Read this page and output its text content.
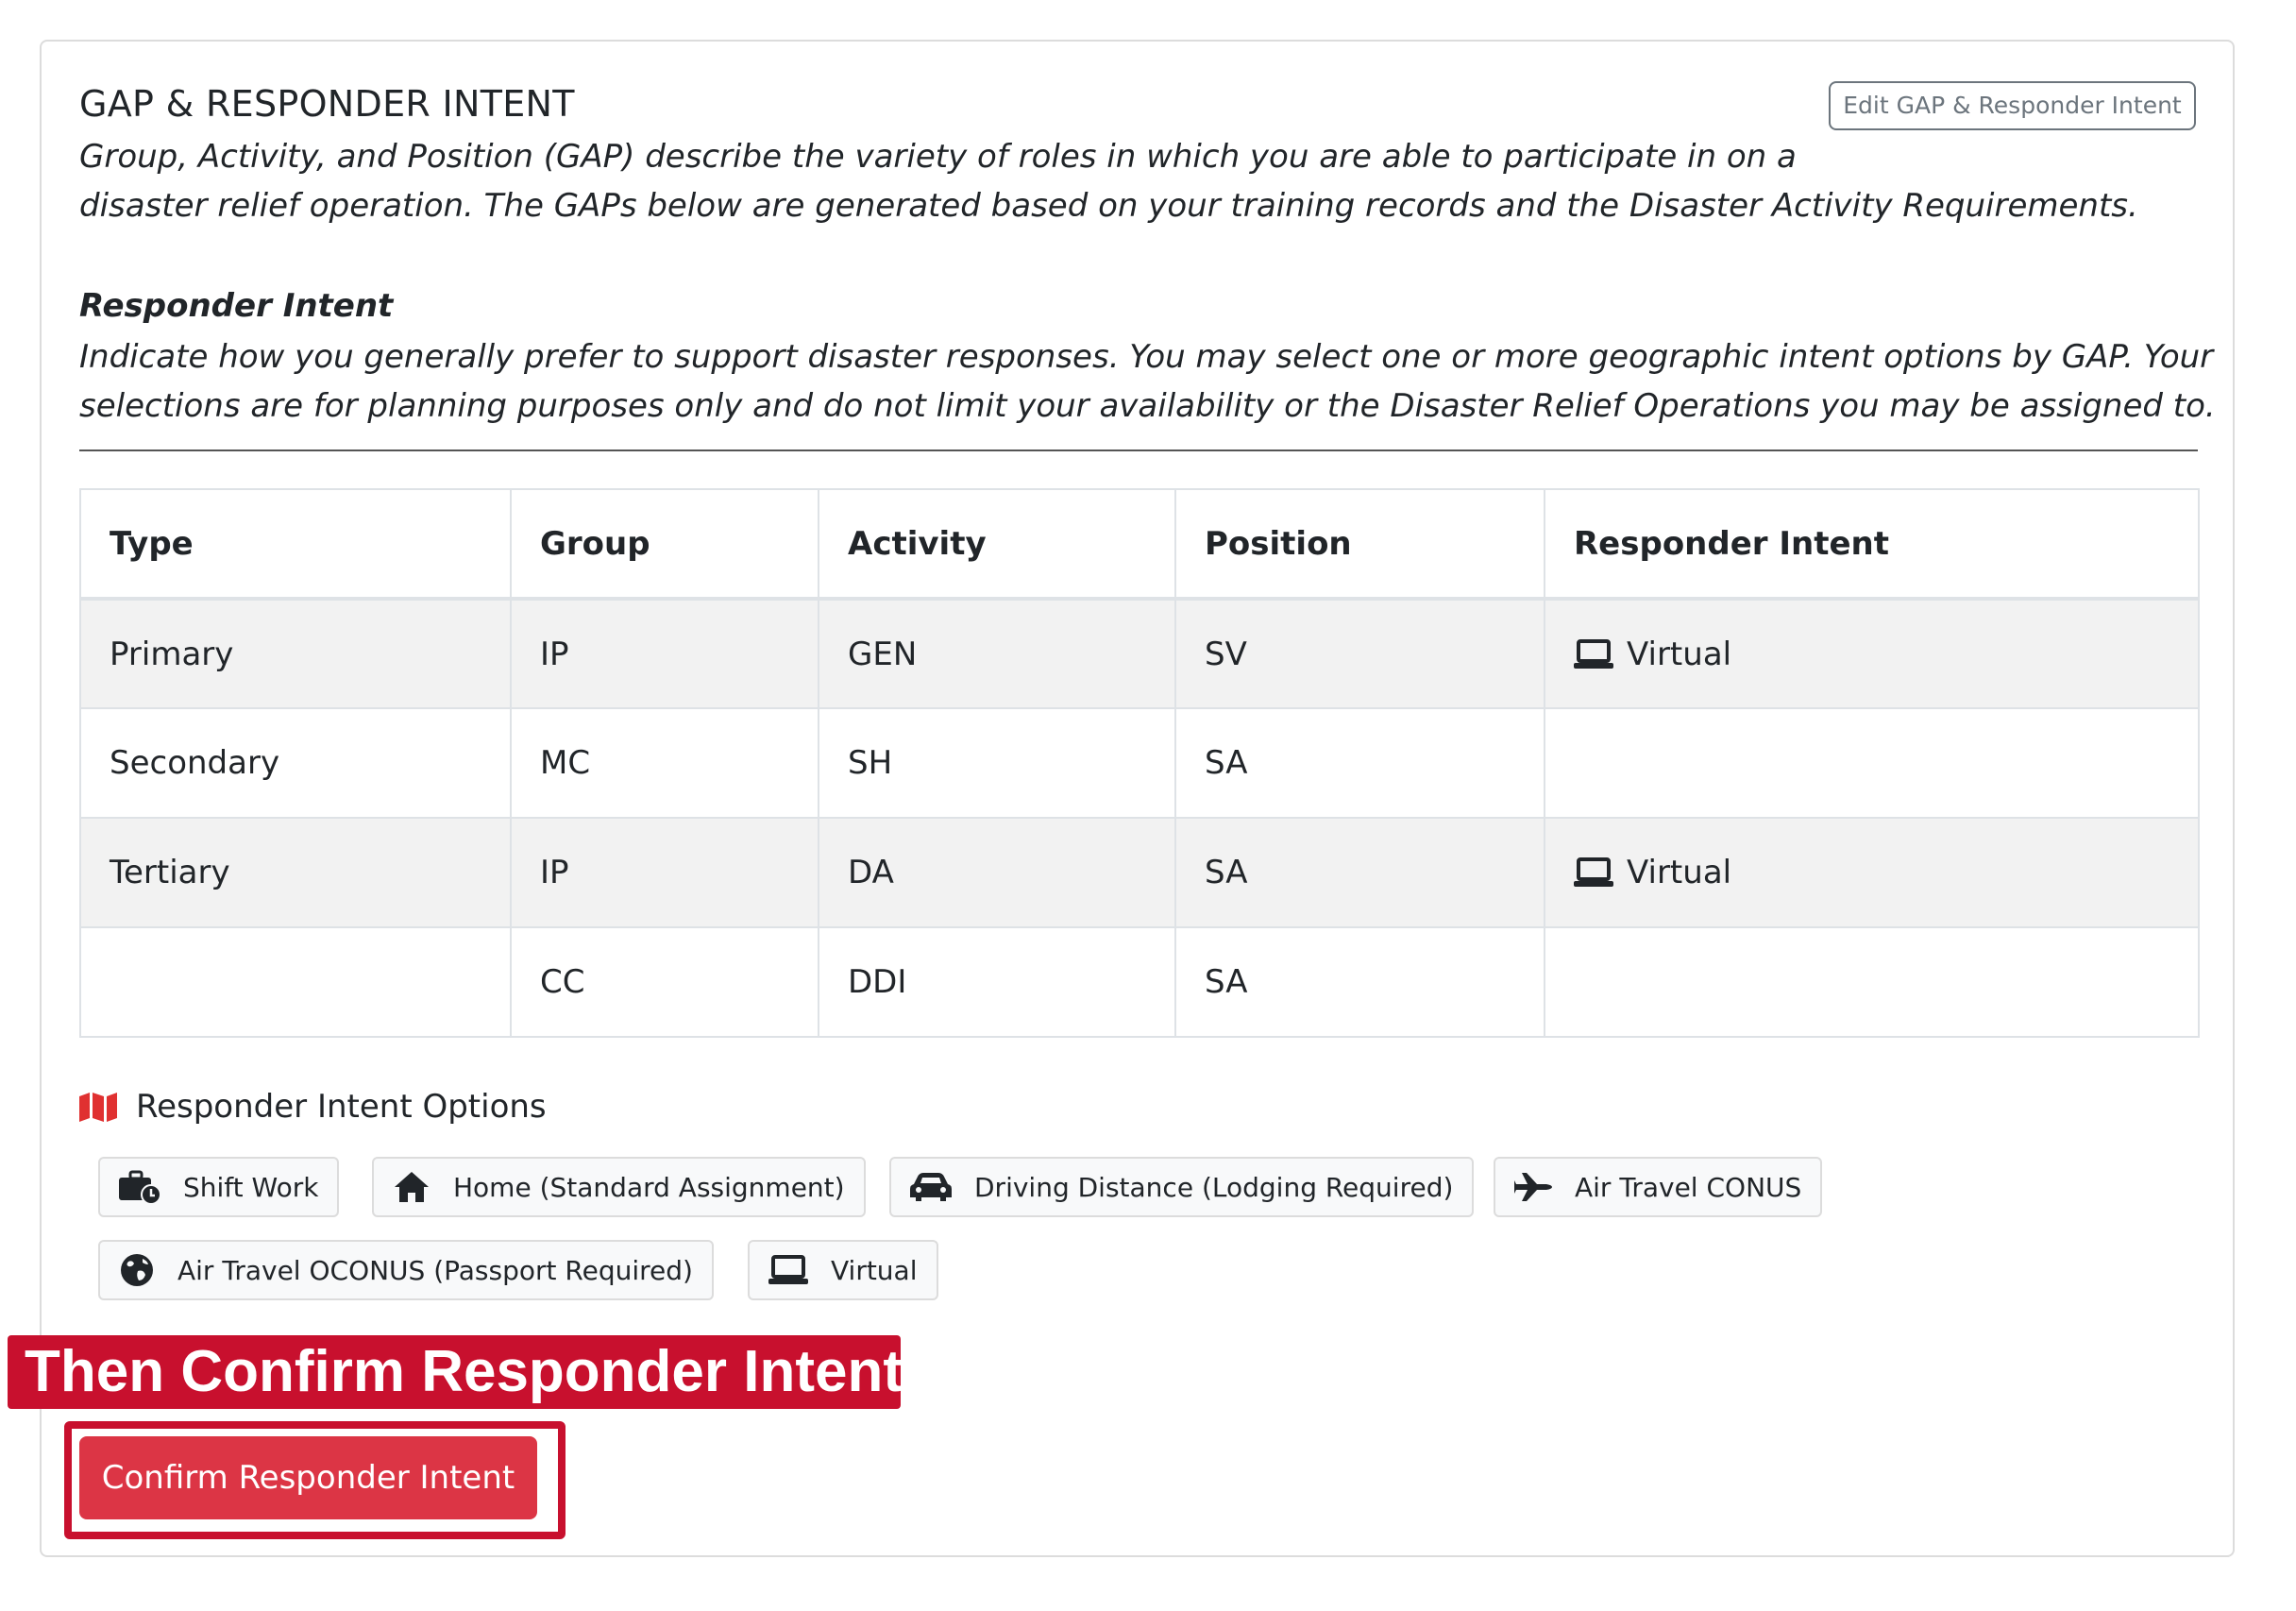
GAP & RESPONDER INTENT	Edit GAP & Responder Intent
Group, Activity, and Position (GAP) describe the variety of roles in which you are able to participate in on a
disaster relief operation. The GAPs below are generated based on your training records and the Disaster Activity Requirements.
Responder Intent
Indicate how you generally prefer to support disaster responses. You may select one or more geographic intent options by GAP. Your
selections are for planning purposes only and do not limit your availability or the Disaster Relief Operations you may be assigned to.
Type	Group	Activity	Position	Responder Intent
Primary	IP	GEN	SV	Virtual

Secondary	MC	SH	SA	
Tertiary	IP	DA	SA	Virtual

	CC	DDI	SA	
Responder Intent Options
Shift Work	Home (Standard Assignment)	Driving Distance (Lodging Required)	Air Travel CONUS
Air Travel OCONUS (Passport Required)	Virtual
Then Confirm Responder Intent
Confirm Responder Intent
